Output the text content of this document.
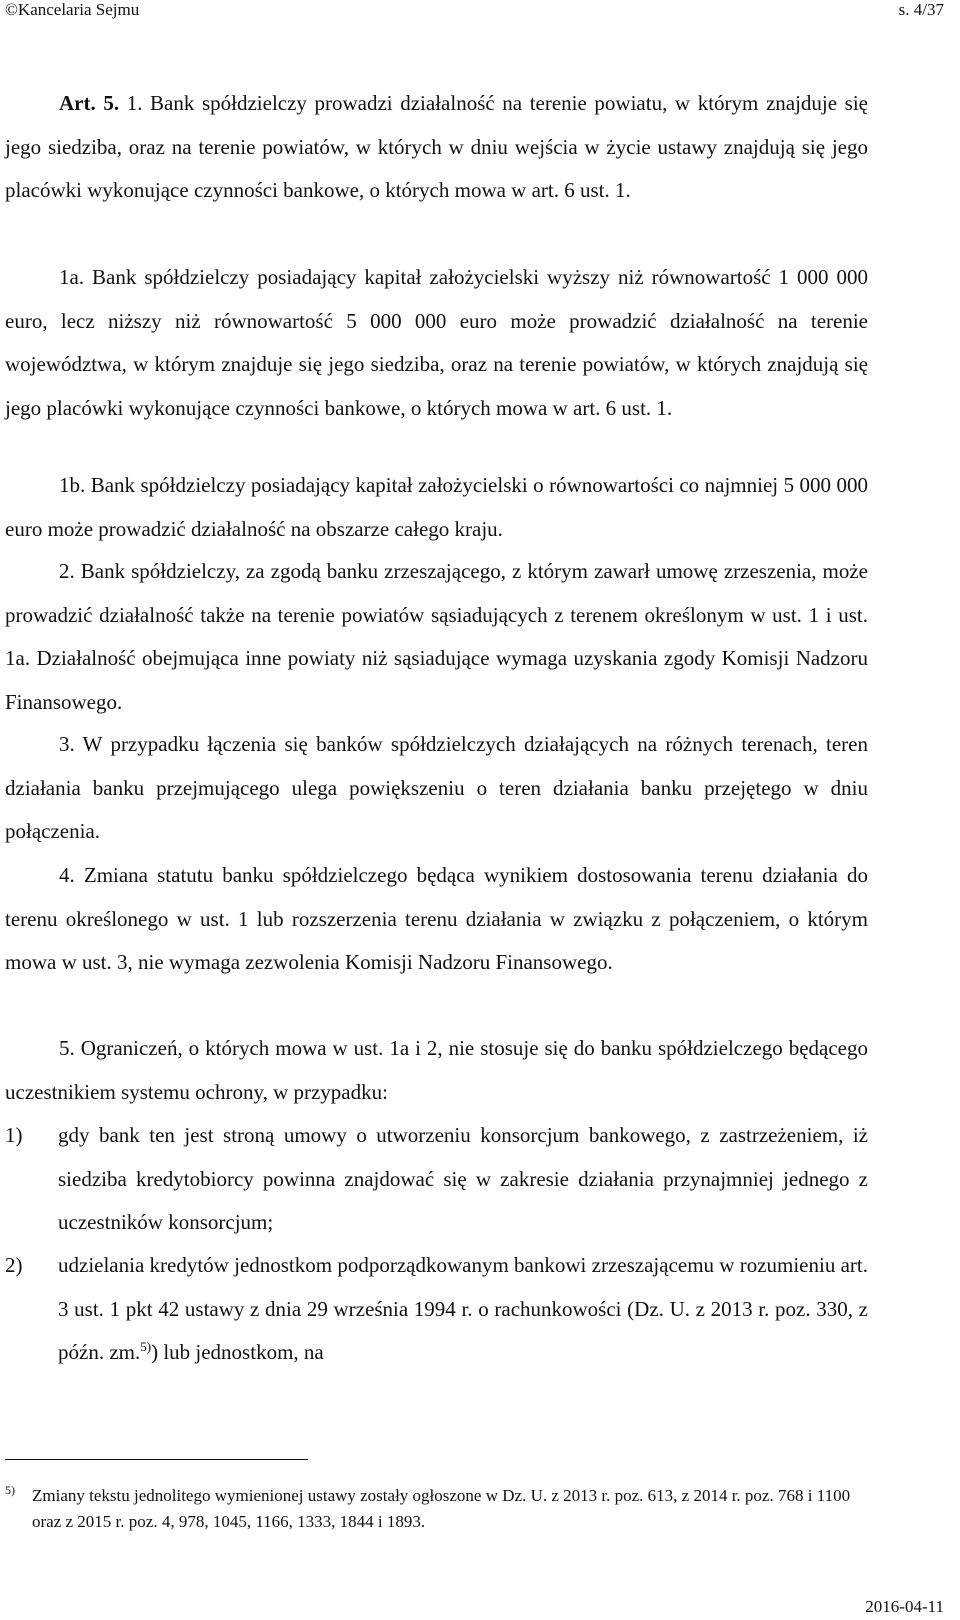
©Kancelaria Sejmu	s. 4/37

Art. 5. 1. Bank spółdzielczy prowadzi działalność na terenie powiatu, w którym znajduje się jego siedziba, oraz na terenie powiatów, w których w dniu wejścia w życie ustawy znajdują się jego placówki wykonujące czynności bankowe, o których mowa w art. 6 ust. 1.

1a. Bank spółdzielczy posiadający kapitał założycielski wyższy niż równowartość 1 000 000 euro, lecz niższy niż równowartość 5 000 000 euro może prowadzić działalność na terenie województwa, w którym znajduje się jego siedziba, oraz na terenie powiatów, w których znajdują się jego placówki wykonujące czynności bankowe, o których mowa w art. 6 ust. 1.

1b. Bank spółdzielczy posiadający kapitał założycielski o równowartości co najmniej 5 000 000 euro może prowadzić działalność na obszarze całego kraju.

2. Bank spółdzielczy, za zgodą banku zrzeszającego, z którym zawarł umowę zrzeszenia, może prowadzić działalność także na terenie powiatów sąsiadujących z terenem określonym w ust. 1 i ust. 1a. Działalność obejmująca inne powiaty niż sąsiadujące wymaga uzyskania zgody Komisji Nadzoru Finansowego.

3. W przypadku łączenia się banków spółdzielczych działających na różnych terenach, teren działania banku przejmującego ulega powiększeniu o teren działania banku przejętego w dniu połączenia.

4. Zmiana statutu banku spółdzielczego będąca wynikiem dostosowania terenu działania do terenu określonego w ust. 1 lub rozszerzenia terenu działania w związku z połączeniem, o którym mowa w ust. 3, nie wymaga zezwolenia Komisji Nadzoru Finansowego.

5. Ograniczeń, o których mowa w ust. 1a i 2, nie stosuje się do banku spółdzielczego będącego uczestnikiem systemu ochrony, w przypadku:

1) gdy bank ten jest stroną umowy o utworzeniu konsorcjum bankowego, z zastrzeżeniem, iż siedziba kredytobiorcy powinna znajdować się w zakresie działania przynajmniej jednego z uczestników konsorcjum;
2) udzielania kredytów jednostkom podporządkowanym bankowi zrzeszającemu w rozumieniu art. 3 ust. 1 pkt 42 ustawy z dnia 29 września 1994 r. o rachunkowości (Dz. U. z 2013 r. poz. 330, z późn. zm.$^{5)}$) lub jednostkom, na
5) Zmiany tekstu jednolitego wymienionej ustawy zostały ogłoszone w Dz. U. z 2013 r. poz. 613, z 2014 r. poz. 768 i 1100 oraz z 2015 r. poz. 4, 978, 1045, 1166, 1333, 1844 i 1893.
2016-04-11
